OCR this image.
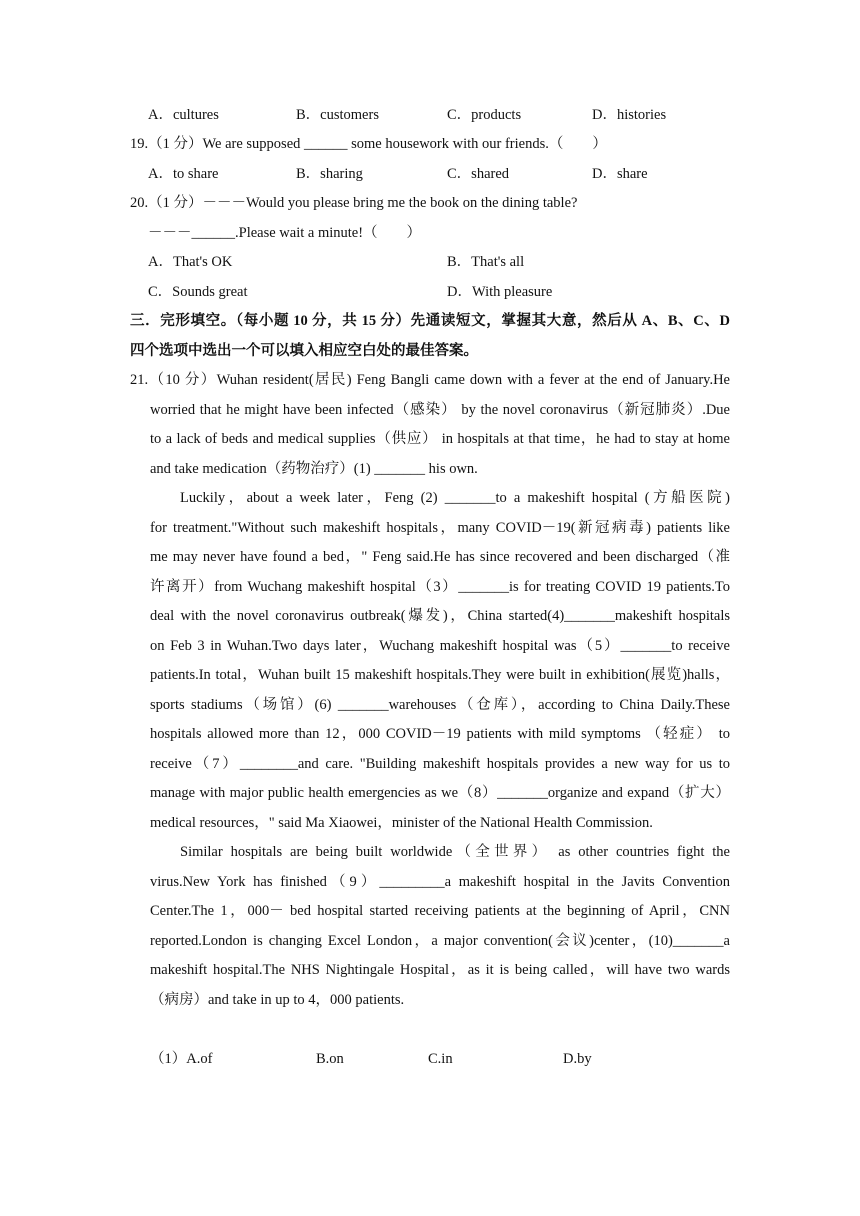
A．cultures	B．customers	C．products	D．histories
19.（1 分）We are supposed ______ some housework with our friends.（　　）
A．to share	B．sharing	C．shared	D．share
20.（1 分）－－－Would you please bring me the book on the dining table?
－－－______.Please wait a minute!（　　）
A．That's OK	B．That's all
C．Sounds great	D．With pleasure
三．完形填空。（每小题 10 分，共 15 分）先通读短文，掌握其大意，然后从 A、B、C、D
四个选项中选出一个可以填入相应空白处的最佳答案。
21.（10 分）Wuhan resident(居民) Feng Bangli came down with a fever at the end of January.He
worried that he might have been infected（感染） by the novel coronavirus（新冠肺炎）.Due
to a lack of beds and medical supplies（供应） in hospitals at that time，he had to stay at home
and take medication（药物治疗）(1) _______ his own.
Luckily，about a week later，Feng (2) _______to a makeshift hospital (方船医院)
for treatment."Without such makeshift hospitals，many COVID－19(新冠病毒) patients like
me may never have found a bed，" Feng said.He has since recovered and been discharged（准
许离开）from Wuchang makeshift hospital（3）_______is for treating COVID 19 patients.To
deal with the novel coronavirus outbreak(爆发)，China started(4)_______makeshift hospitals
on Feb 3 in Wuhan.Two days later，Wuchang makeshift hospital was（5）_______to receive
patients.In total，Wuhan built 15 makeshift hospitals.They were built in exhibition(展览)halls，
sports stadiums（场馆）(6) _______warehouses（仓库），according to China Daily.These
hospitals allowed more than 12，000 COVID－19 patients with mild symptoms （轻症） to
receive（7）________and care. "Building makeshift hospitals provides a new way for us to
manage with major public health emergencies as we（8）_______organize and expand（扩大）
medical resources，" said Ma Xiaowei，minister of the National Health Commission.
Similar hospitals are being built worldwide（全世界） as other countries fight the
virus.New York has finished（9）_________a makeshift hospital in the Javits Convention
Center.The 1，000－ bed hospital started receiving patients at the beginning of April，CNN
reported.London is changing Excel London，a major convention(会议)center，(10)_______a
makeshift hospital.The NHS Nightingale Hospital，as it is being called，will have two wards
（病房）and take in up to 4，000 patients.
（1）A.of	B.on	C.in	D.by
